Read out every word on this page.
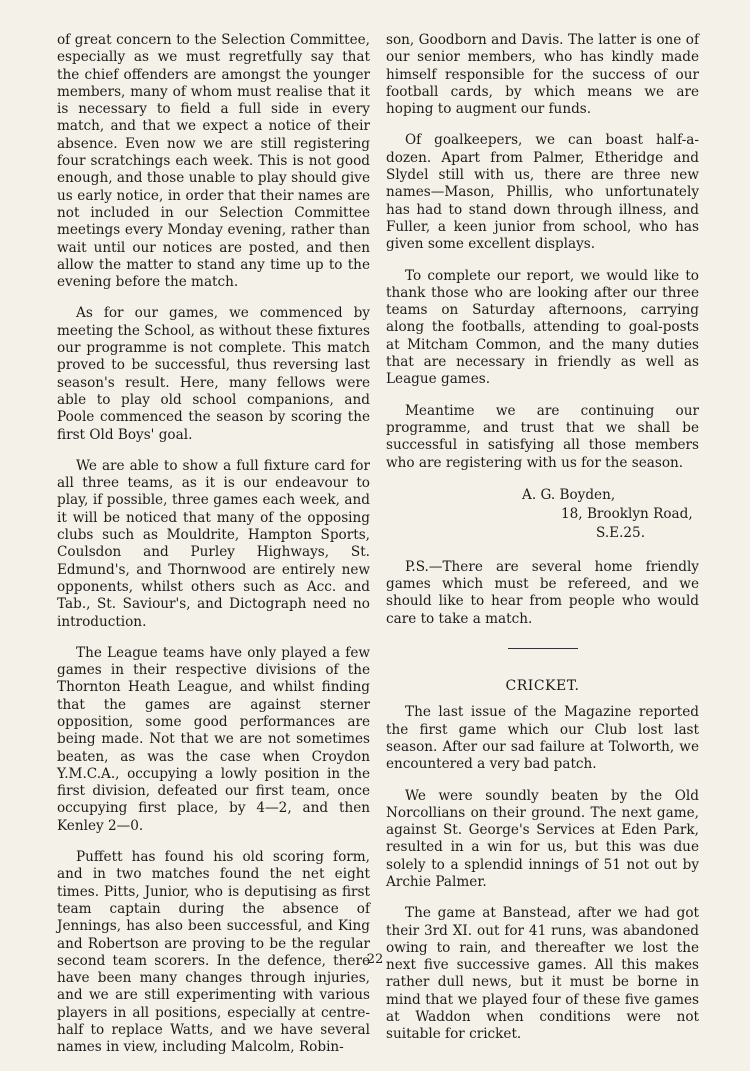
of great concern to the Selection Committee, especially as we must regretfully say that the chief offenders are amongst the younger members, many of whom must realise that it is necessary to field a full side in every match, and that we expect a notice of their absence. Even now we are still registering four scratchings each week. This is not good enough, and those unable to play should give us early notice, in order that their names are not included in our Selection Committee meetings every Monday evening, rather than wait until our notices are posted, and then allow the matter to stand any time up to the evening before the match.

As for our games, we commenced by meeting the School, as without these fixtures our programme is not complete. This match proved to be successful, thus reversing last season's result. Here, many fellows were able to play old school companions, and Poole commenced the season by scoring the first Old Boys' goal.

We are able to show a full fixture card for all three teams, as it is our endeavour to play, if possible, three games each week, and it will be noticed that many of the opposing clubs such as Mouldrite, Hampton Sports, Coulsdon and Purley Highways, St. Edmund's, and Thornwood are entirely new opponents, whilst others such as Acc. and Tab., St. Saviour's, and Dictograph need no introduction.

The League teams have only played a few games in their respective divisions of the Thornton Heath League, and whilst finding that the games are against sterner opposition, some good performances are being made. Not that we are not sometimes beaten, as was the case when Croydon Y.M.C.A., occupying a lowly position in the first division, defeated our first team, once occupying first place, by 4—2, and then Kenley 2—0.

Puffett has found his old scoring form, and in two matches found the net eight times. Pitts, Junior, who is deputising as first team captain during the absence of Jennings, has also been successful, and King and Robertson are proving to be the regular second team scorers. In the defence, there have been many changes through injuries, and we are still experimenting with various players in all positions, especially at centre-half to replace Watts, and we have several names in view, including Malcolm, Robin-

son, Goodborn and Davis. The latter is one of our senior members, who has kindly made himself responsible for the success of our football cards, by which means we are hoping to augment our funds.

Of goalkeepers, we can boast half-a-dozen. Apart from Palmer, Etheridge and Slydel still with us, there are three new names—Mason, Phillis, who unfortunately has had to stand down through illness, and Fuller, a keen junior from school, who has given some excellent displays.

To complete our report, we would like to thank those who are looking after our three teams on Saturday afternoons, carrying along the footballs, attending to goal-posts at Mitcham Common, and the many duties that are necessary in friendly as well as League games.

Meantime we are continuing our programme, and trust that we shall be successful in satisfying all those members who are registering with us for the season.

A. G. Boyden,
18, Brooklyn Road,
S.E.25.

P.S.—There are several home friendly games which must be refereed, and we should like to hear from people who would care to take a match.

CRICKET.

The last issue of the Magazine reported the first game which our Club lost last season. After our sad failure at Tolworth, we encountered a very bad patch.

We were soundly beaten by the Old Norcollians on their ground. The next game, against St. George's Services at Eden Park, resulted in a win for us, but this was due solely to a splendid innings of 51 not out by Archie Palmer.

The game at Banstead, after we had got their 3rd XI. out for 41 runs, was abandoned owing to rain, and thereafter we lost the next five successive games. All this makes rather dull news, but it must be borne in mind that we played four of these five games at Waddon when conditions were not suitable for cricket.

22
